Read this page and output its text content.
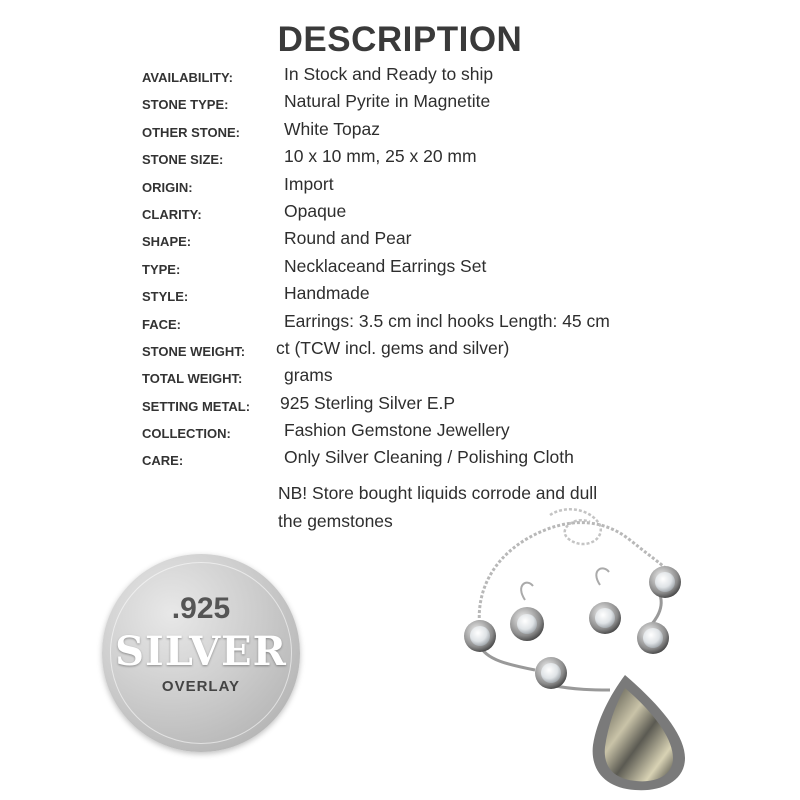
DESCRIPTION
AVAILABILITY:	In Stock and Ready to ship
STONE TYPE:	Natural Pyrite in Magnetite
OTHER STONE:	White Topaz
STONE SIZE:	10 x 10 mm, 25 x 20 mm
ORIGIN:	Import
CLARITY:	Opaque
SHAPE:	Round and Pear
TYPE:	Necklaceand Earrings Set
STYLE:	Handmade
FACE:	Earrings: 3.5 cm incl hooks Length: 45 cm
STONE WEIGHT: ct (TCW incl. gems and silver)
TOTAL WEIGHT: grams
SETTING METAL: 925 Sterling Silver E.P
COLLECTION:	Fashion Gemstone Jewellery
CARE:	Only Silver Cleaning / Polishing Cloth
NB! Store bought liquids corrode and dull
the gemstones
.925
SILVER
OVERLAY
